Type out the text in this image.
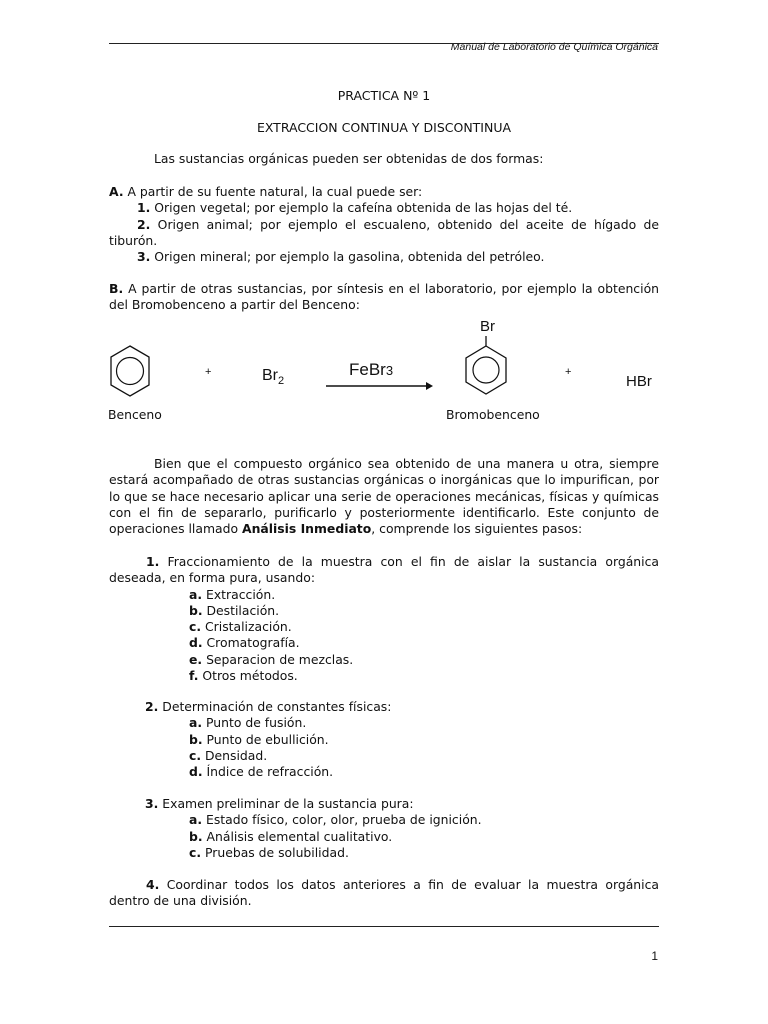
Manual de Laboratorio de Química Orgánica
PRACTICA Nº 1
EXTRACCION CONTINUA Y DISCONTINUA
Las sustancias orgánicas pueden ser obtenidas de dos formas:
A. A partir de su fuente natural, la cual puede ser:
1. Origen vegetal; por ejemplo la cafeína obtenida de las hojas del té.
2. Origen animal; por ejemplo el escualeno, obtenido del aceite de hígado de
tiburón.
3. Origen mineral; por ejemplo la gasolina, obtenida del petróleo.
B. A partir de otras sustancias, por síntesis en el laboratorio, por ejemplo la obtención
del Bromobenceno a partir del Benceno:
Benceno
+	$Br_2$
FeBr3
Br
Bromobenceno
+
HBr
Bien que el compuesto orgánico sea obtenido de una manera u otra, siempre
estará acompañado de otras sustancias orgánicas o inorgánicas que lo impurifican, por
lo que se hace necesario aplicar una serie de operaciones mecánicas, físicas y químicas
con el fin de separarlo, purificarlo y posteriormente identificarlo. Este conjunto de
operaciones llamado Análisis Inmediato, comprende los siguientes pasos:
1. Fraccionamiento de la muestra con el fin de aislar la sustancia orgánica
deseada, en forma pura, usando:
a. Extracción.
b. Destilación.
c. Cristalización.
d. Cromatografía.
e. Separacion de mezclas.
f. Otros métodos.
2. Determinación de constantes físicas:
a. Punto de fusión.
b. Punto de ebullición.
c. Densidad.
d. Índice de refracción.
3. Examen preliminar de la sustancia pura:
a. Estado físico, color, olor, prueba de ignición.
b. Análisis elemental cualitativo.
c. Pruebas de solubilidad.
4. Coordinar todos los datos anteriores a fin de evaluar la muestra orgánica
dentro de una división.
1
